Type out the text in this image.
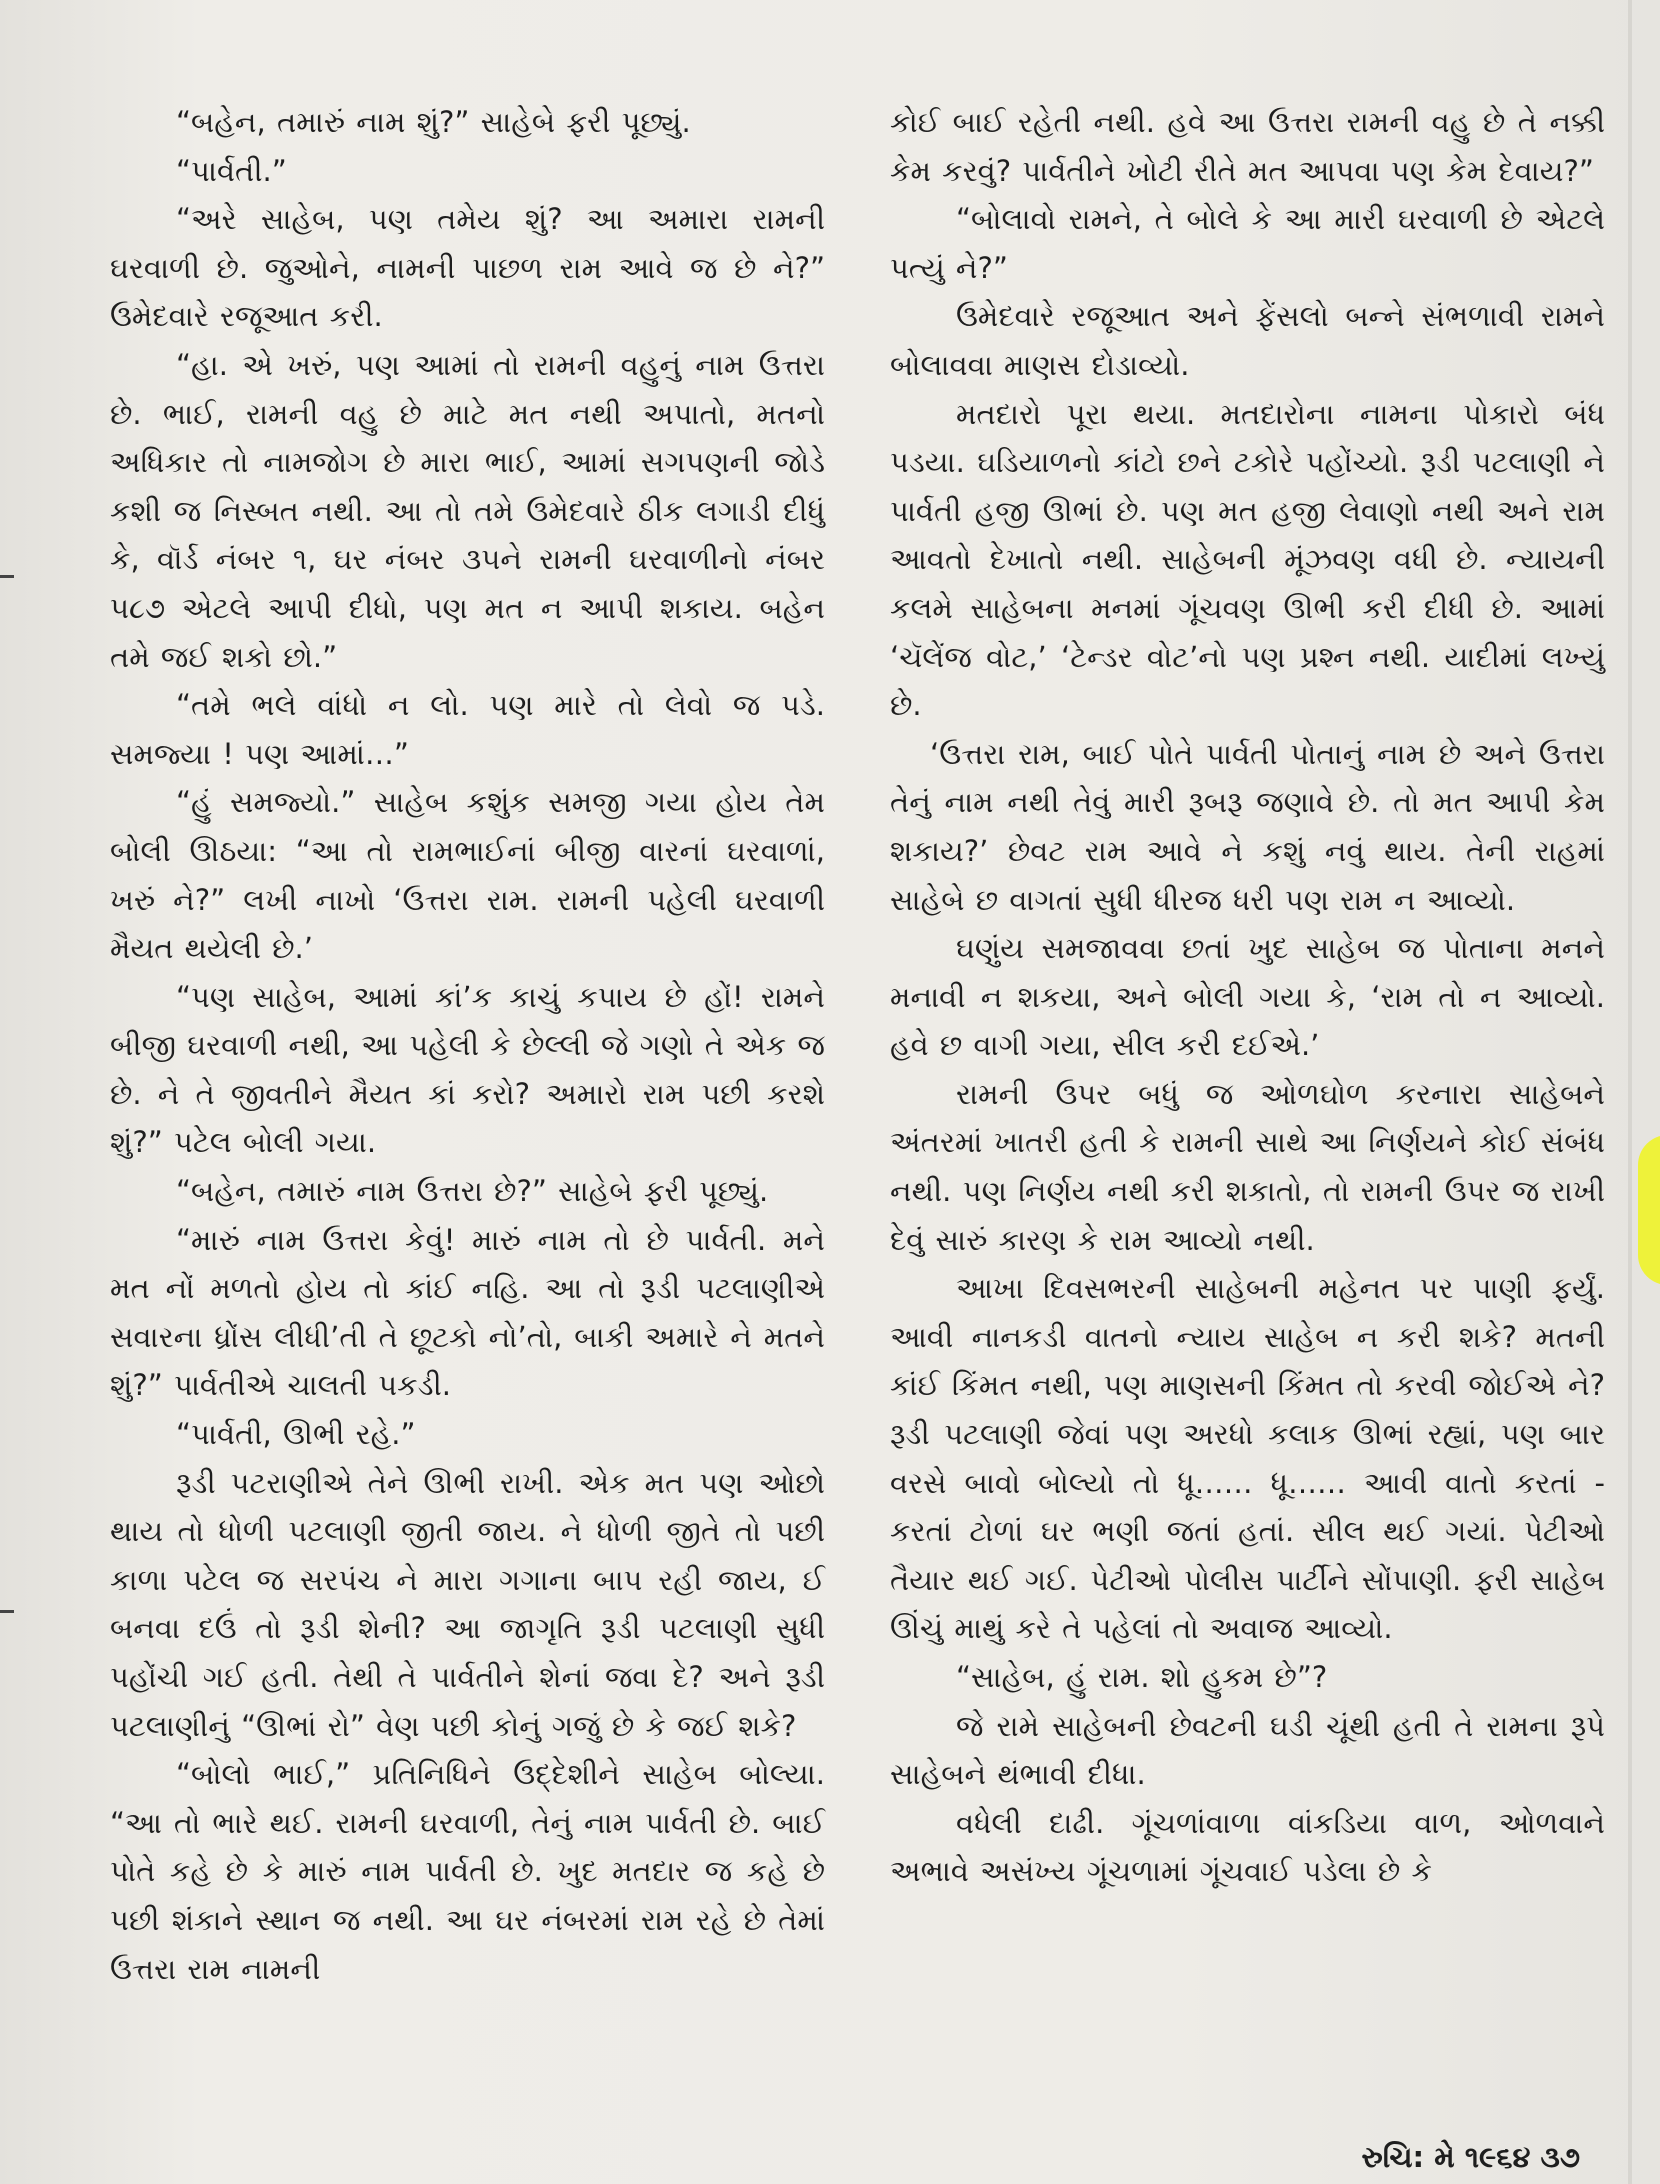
“બહેન, તમારું નામ શું?” સાહેબે ફરી પૂછ્યું.

“પાર્વતી.”

“અરે સાહેબ, પણ તમેય શું? આ અમારા રામની ઘરવાળી છે. જુઓને, નામની પાછળ રામ આવે જ છે ને?” ઉમેદવારે રજૂઆત કરી.

“હા. એ ખરું, પણ આમાં તો રામની વહુનું નામ ઉત્તરા છે. ભાઈ, રામની વહુ છે માટે મત નથી અપાતો, મતનો અધિકાર તો નામજોગ છે મારા ભાઈ, આમાં સગપણની જોડે કશી જ નિસ્બત નથી. આ તો તમે ઉમેદવારે ઠીક લગાડી દીધું કે, વૉર્ડ નંબર ૧, ઘર નંબર ૩૫ને રામની ઘરવાળીનો નંબર ૫૮૭ એટલે આપી દીધો, પણ મત ન આપી શકાય. બહેન તમે જઈ શકો છો.”

“તમે ભલે વાંધો ન લો. પણ મારે તો લેવો જ પડે. સમજ્યા ! પણ આમાં…”

“હું સમજ્યો.” સાહેબ કશુંક સમજી ગયા હોય તેમ બોલી ઊઠયા: “આ તો રામભાઈનાં બીજી વારનાં ઘરવાળાં, ખરું ને?” લખી નાખો ‘ઉત્તરા રામ. રામની પહેલી ઘરવાળી મૈયત થયેલી છે.’

“પણ સાહેબ, આમાં કાં’ક કાચું કપાય છે હોં! રામને બીજી ઘરવાળી નથી, આ પહેલી કે છેલ્લી જે ગણો તે એક જ છે. ને તે જીવતીને મૈયત કાં કરો? અમારો રામ પછી કરશે શું?” પટેલ બોલી ગયા.

“બહેન, તમારું નામ ઉત્તરા છે?” સાહેબે ફરી પૂછ્યું.

“મારું નામ ઉત્તરા કેવું! મારું નામ તો છે પાર્વતી. મને મત નોં મળતો હોય તો કાંઈ નહિ. આ તો રૂડી પટલાણીએ સવારના ધ્રોંસ લીધી’તી તે છૂટકો નો’તો, બાકી અમારે ને મતને શું?” પાર્વતીએ ચાલતી પકડી.

“પાર્વતી, ઊભી રહે.”

રૂડી પટરાણીએ તેને ઊભી રાખી. એક મત પણ ઓછો થાય તો ધોળી પટલાણી જીતી જાય. ને ધોળી જીતે તો પછી કાળા પટેલ જ સરપંચ ને મારા ગગાના બાપ રહી જાય, ઈ બનવા દઉં તો રૂડી શેની? આ જાગૃતિ રૂડી પટલાણી સુધી પહોંચી ગઈ હતી. તેથી તે પાર્વતીને શેનાં જવા દે? અને રૂડી પટલાણીનું “ઊભાં રો” વેણ પછી કોનું ગજું છે કે જઈ શકે?

“બોલો ભાઈ,” પ્રતિનિધિને ઉદ્દેશીને સાહેબ બોલ્યા. “આ તો ભારે થઈ. રામની ઘરવાળી, તેનું નામ પાર્વતી છે. બાઈ પોતે કહે છે કે મારું નામ પાર્વતી છે. ખુદ મતદાર જ કહે છે પછી શંકાને સ્થાન જ નથી. આ ઘર નંબરમાં રામ રહે છે તેમાં ઉત્તરા રામ નામની

કોઈ બાઈ રહેતી નથી. હવે આ ઉત્તરા રામની વહુ છે તે નક્કી કેમ કરવું? પાર્વતીને ખોટી રીતે મત આપવા પણ કેમ દેવાય?”

“બોલાવો રામને, તે બોલે કે આ મારી ઘરવાળી છે એટલે પત્યું ને?”

ઉમેદવારે રજૂઆત અને ફેંસલો બન્ને સંભળાવી રામને બોલાવવા માણસ દોડાવ્યો.

મતદારો પૂરા થયા. મતદારોના નામના પોકારો બંધ પડયા. ઘડિયાળનો કાંટો છને ટકોરે પહોંચ્યો. રૂડી પટલાણી ને પાર્વતી હજી ઊભાં છે. પણ મત હજી લેવાણો નથી અને રામ આવતો દેખાતો નથી. સાહેબની મૂંઝવણ વધી છે. ન્યાયની કલમે સાહેબના મનમાં ગૂંચવણ ઊભી કરી દીધી છે. આમાં ‘ચૅલેંજ વોટ,’ ‘ટેન્ડર વોટ’નો પણ પ્રશ્ન નથી. યાદીમાં લખ્યું છે.

‘ઉત્તરા રામ, બાઈ પોતે પાર્વતી પોતાનું નામ છે અને ઉત્તરા તેનું નામ નથી તેવું મારી રૂબરૂ જણાવે છે. તો મત આપી કેમ શકાય?’ છેવટ રામ આવે ને કશું નવું થાય. તેની રાહમાં સાહેબે છ વાગતાં સુધી ધીરજ ધરી પણ રામ ન આવ્યો.

ઘણુંય સમજાવવા છતાં ખુદ સાહેબ જ પોતાના મનને મનાવી ન શકયા, અને બોલી ગયા કે, ‘રામ તો ન આવ્યો. હવે છ વાગી ગયા, સીલ કરી દઈએ.’

રામની ઉપર બધું જ ઓળઘોળ કરનારા સાહેબને અંતરમાં ખાતરી હતી કે રામની સાથે આ નિર્ણયને કોઈ સંબંધ નથી. પણ નિર્ણય નથી કરી શકાતો, તો રામની ઉપર જ રાખી દેવું સારું કારણ કે રામ આવ્યો નથી.

આખા દિવસભરની સાહેબની મહેનત પર પાણી ફર્યું. આવી નાનકડી વાતનો ન્યાય સાહેબ ન કરી શકે? મતની કાંઈ કિંમત નથી, પણ માણસની કિંમત તો કરવી જોઈએ ને? રૂડી પટલાણી જેવાં પણ અરધો કલાક ઊભાં રહ્યાં, પણ બાર વરસે બાવો બોલ્યો તો ધૂ…… ધૂ…… આવી વાતો કરતાં - કરતાં ટોળાં ઘર ભણી જતાં હતાં. સીલ થઈ ગયાં. પેટીઓ તૈયાર થઈ ગઈ. પેટીઓ પોલીસ પાર્ટીને સોંપાણી. ફરી સાહેબ ઊંચું માથું કરે તે પહેલાં તો અવાજ આવ્યો.

“સાહેબ, હું રામ. શો હુકમ છે”?

જે રામે સાહેબની છેવટની ઘડી ચૂંથી હતી તે રામના રૂપે સાહેબને થંભાવી દીધા.

વધેલી દાઢી. ગૂંચળાંવાળા વાંકડિયા વાળ, ઓળવાને અભાવે અસંખ્ય ગૂંચળામાં ગૂંચવાઈ પડેલા છે કે

રુચિ: મે ૧૯૬૪ ૩૭
